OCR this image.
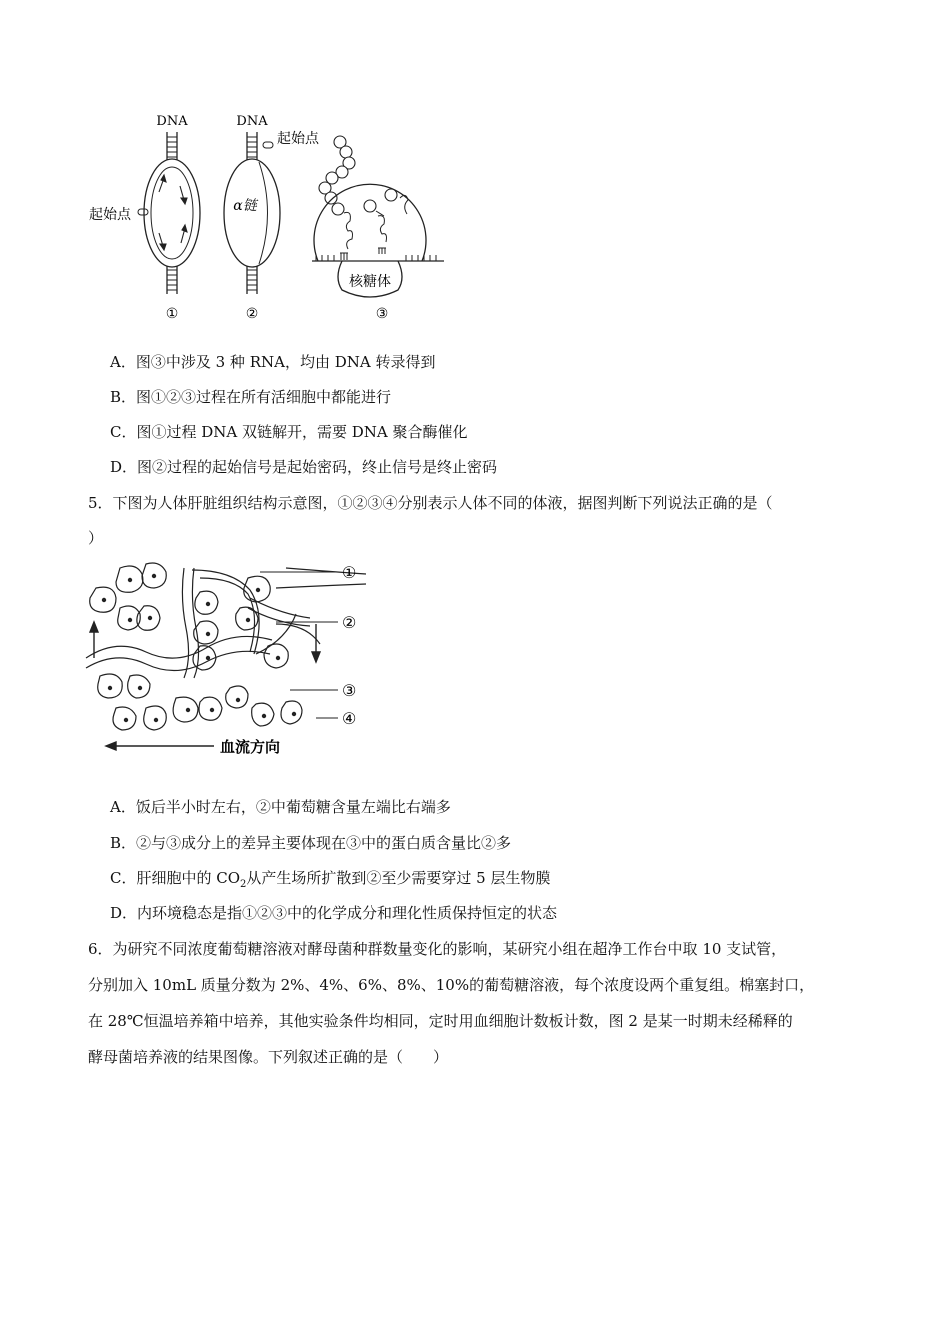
DNA
起始点
①
DNA
起始点
α链
②
核糖体
③
A．图③中涉及 3 种 RNA，均由 DNA 转录得到
B．图①②③过程在所有活细胞中都能进行
C．图①过程 DNA 双链解开，需要 DNA 聚合酶催化
D．图②过程的起始信号是起始密码，终止信号是终止密码
5．下图为人体肝脏组织结构示意图，①②③④分别表示人体不同的体液，据图判断下列说法正确的是（
）
①
②
③
④
血流方向
A．饭后半小时左右，②中葡萄糖含量左端比右端多
B．②与③成分上的差异主要体现在③中的蛋白质含量比②多
C．肝细胞中的 $CO_2$从产生场所扩散到②至少需要穿过 5 层生物膜
D．内环境稳态是指①②③中的化学成分和理化性质保持恒定的状态
6．为研究不同浓度葡萄糖溶液对酵母菌种群数量变化的影响，某研究小组在超净工作台中取 10 支试管，
分别加入 10mL 质量分数为 2%、4%、6%、8%、10%的葡萄糖溶液，每个浓度设两个重复组。棉塞封口，
在 28℃恒温培养箱中培养，其他实验条件均相同，定时用血细胞计数板计数，图 2 是某一时期未经稀释的
酵母菌培养液的结果图像。下列叙述正确的是（　　）
